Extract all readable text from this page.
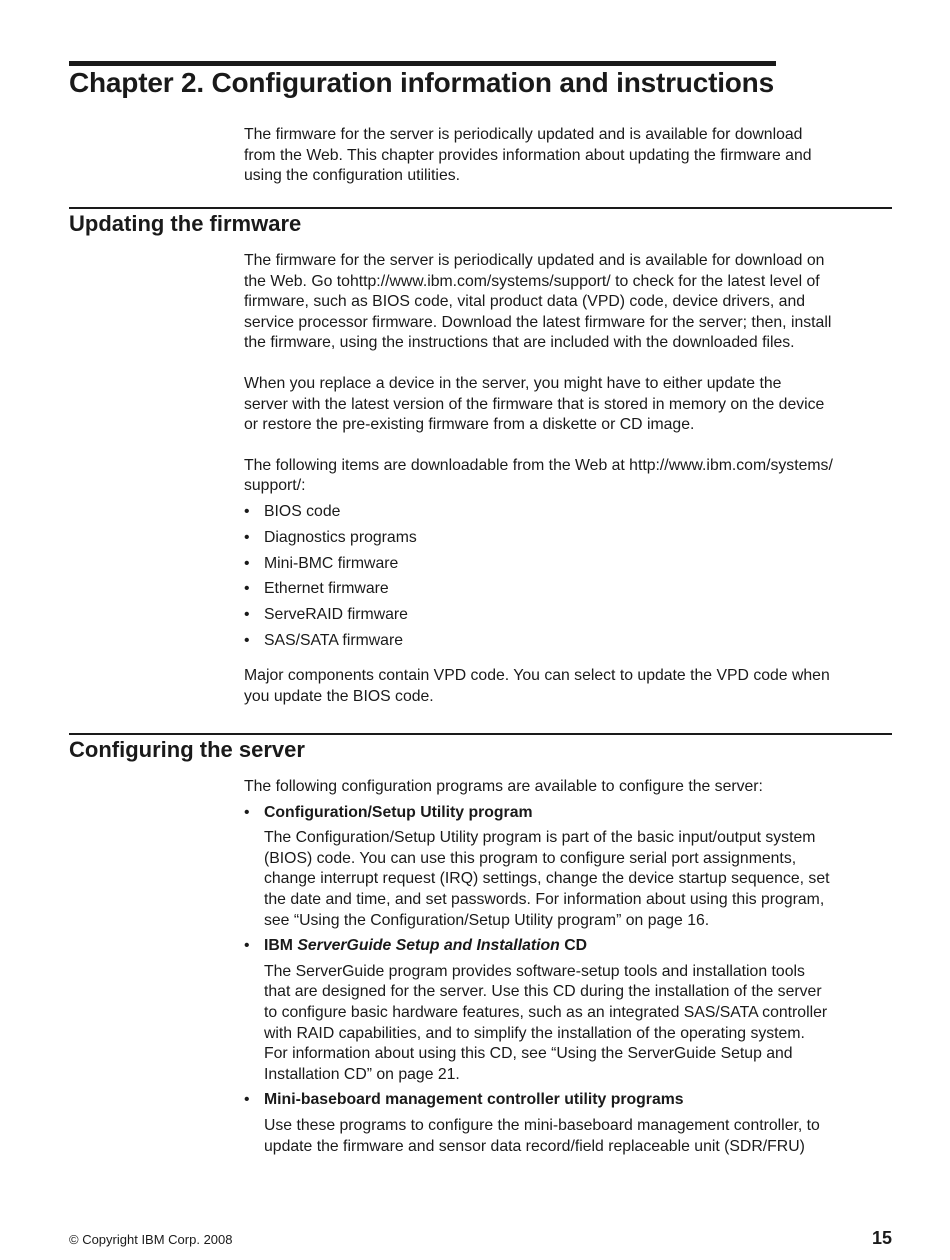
Chapter 2. Configuration information and instructions

The firmware for the server is periodically updated and is available for download
from the Web. This chapter provides information about updating the firmware and
using the configuration utilities.

Updating the firmware

The firmware for the server is periodically updated and is available for download on
the Web. Go tohttp://www.ibm.com/systems/support/ to check for the latest level of
firmware, such as BIOS code, vital product data (VPD) code, device drivers, and
service processor firmware. Download the latest firmware for the server; then, install
the firmware, using the instructions that are included with the downloaded files.

When you replace a device in the server, you might have to either update the
server with the latest version of the firmware that is stored in memory on the device
or restore the pre-existing firmware from a diskette or CD image.

The following items are downloadable from the Web at http://www.ibm.com/systems/
support/:

• BIOS code
• Diagnostics programs
• Mini-BMC firmware
• Ethernet firmware
• ServeRAID firmware
• SAS/SATA firmware

Major components contain VPD code. You can select to update the VPD code when
you update the BIOS code.

Configuring the server

The following configuration programs are available to configure the server:

• Configuration/Setup Utility program
The Configuration/Setup Utility program is part of the basic input/output system
(BIOS) code. You can use this program to configure serial port assignments,
change interrupt request (IRQ) settings, change the device startup sequence, set
the date and time, and set passwords. For information about using this program,
see “Using the Configuration/Setup Utility program” on page 16.
• IBM ServerGuide Setup and Installation CD
The ServerGuide program provides software-setup tools and installation tools
that are designed for the server. Use this CD during the installation of the server
to configure basic hardware features, such as an integrated SAS/SATA controller
with RAID capabilities, and to simplify the installation of the operating system.
For information about using this CD, see “Using the ServerGuide Setup and
Installation CD” on page 21.
• Mini-baseboard management controller utility programs
Use these programs to configure the mini-baseboard management controller, to
update the firmware and sensor data record/field replaceable unit (SDR/FRU)
© Copyright IBM Corp. 2008	15
